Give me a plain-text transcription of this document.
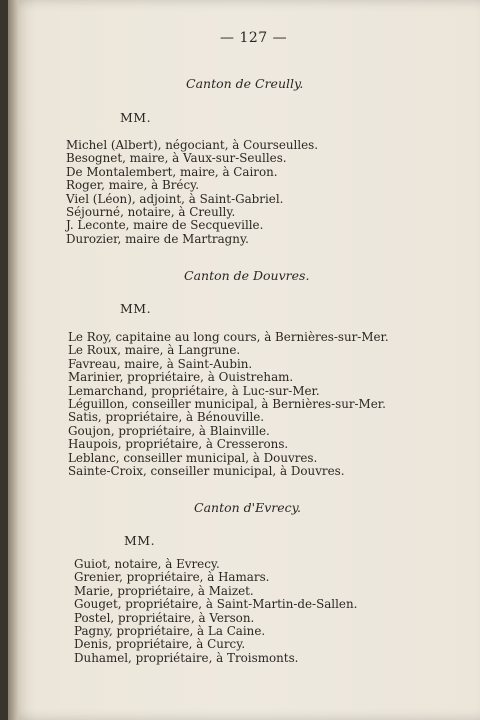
— 127 —
Canton de Creully.
MM.
Michel (Albert), négociant, à Courseulles.
Besognet, maire, à Vaux-sur-Seulles.
De Montalembert, maire, à Cairon.
Roger, maire, à Brécy.
Viel (Léon), adjoint, à Saint-Gabriel.
Séjourné, notaire, à Creully.
J. Leconte, maire de Secqueville.
Durozier, maire de Martragny.
Canton de Douvres.
MM.
Le Roy, capitaine au long cours, à Bernières-sur-Mer.
Le Roux, maire, à Langrune.
Favreau, maire, à Saint-Aubin.
Marinier, propriétaire, à Ouistreham.
Lemarchand, propriétaire, à Luc-sur-Mer.
Léguillon, conseiller municipal, à Bernières-sur-Mer.
Satis, propriétaire, à Bénouville.
Goujon, propriétaire, à Blainville.
Haupois, propriétaire, à Cresserons.
Leblanc, conseiller municipal, à Douvres.
Sainte-Croix, conseiller municipal, à Douvres.
Canton d'Evrecy.
MM.
Guiot, notaire, à Evrecy.
Grenier, propriétaire, à Hamars.
Marie, propriétaire, à Maizet.
Gouget, propriétaire, à Saint-Martin-de-Sallen.
Postel, propriétaire, à Verson.
Pagny, propriétaire, à La Caine.
Denis, propriétaire, à Curcy.
Duhamel, propriétaire, à Troismonts.
